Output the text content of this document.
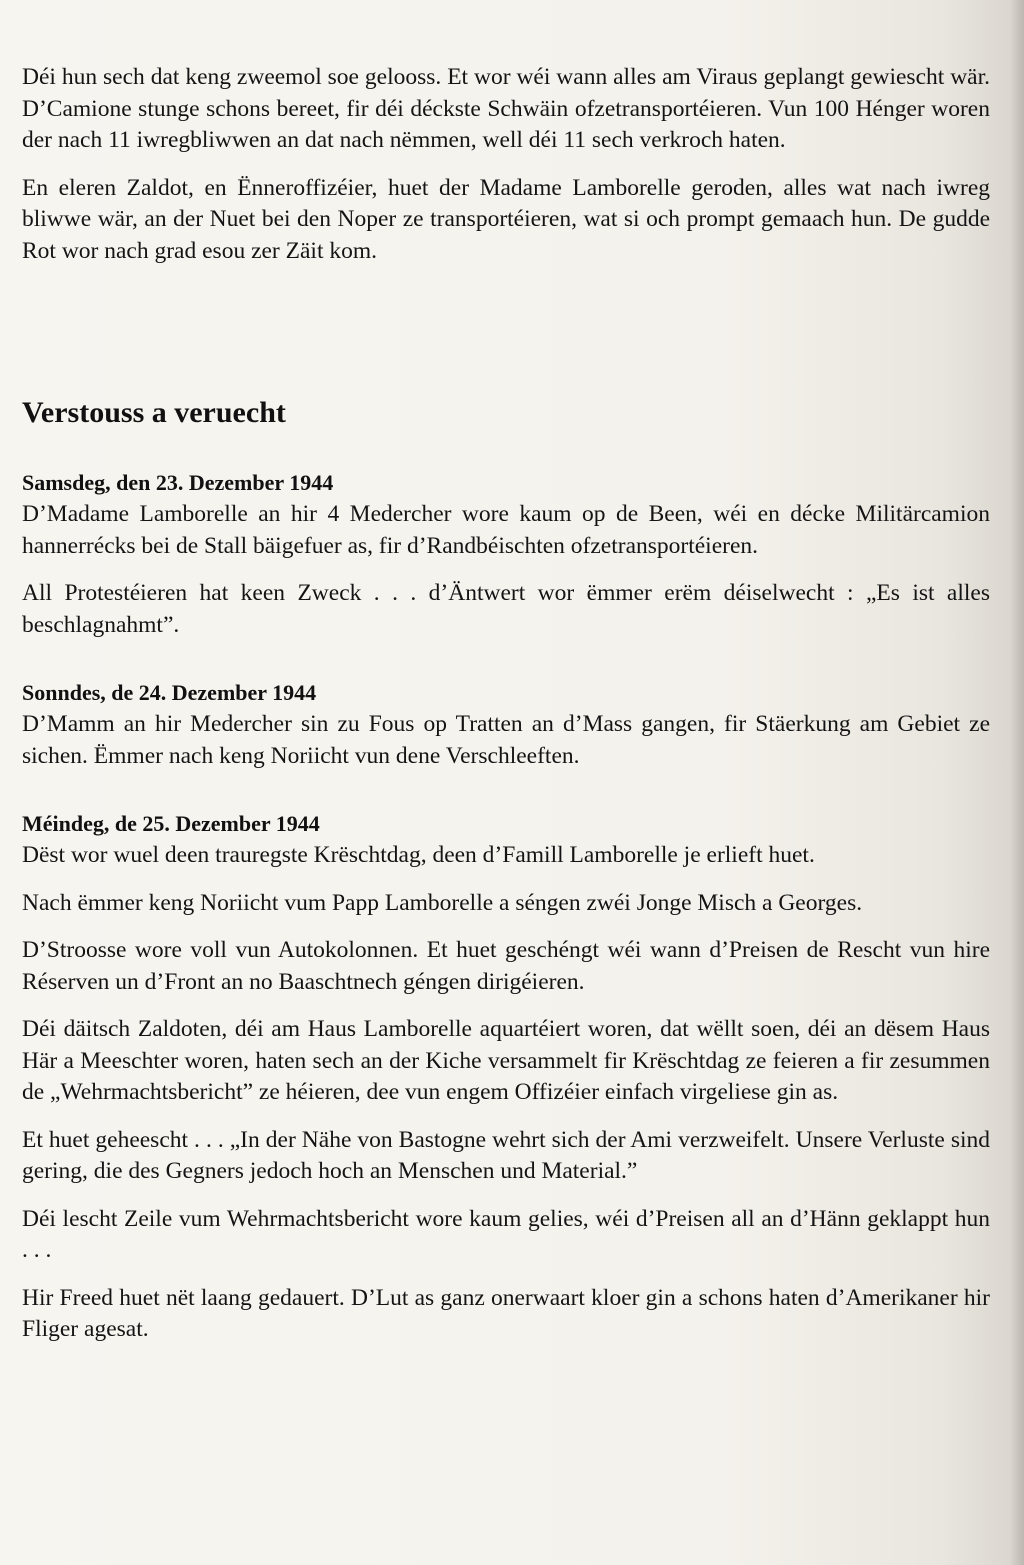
Déi hun sech dat keng zweemol soe gelooss. Et wor wéi wann alles am Viraus geplangt gewiescht wär. D’Camione stunge schons bereet, fir déi déckste Schwäin ofzetransportéieren. Vun 100 Hénger woren der nach 11 iwregbliwwen an dat nach nëmmen, well déi 11 sech verkroch haten.

En eleren Zaldot, en Ënneroffizéier, huet der Madame Lamborelle geroden, alles wat nach iwreg bliwwe wär, an der Nuet bei den Noper ze transportéieren, wat si och prompt gemaach hun. De gudde Rot wor nach grad esou zer Zäit kom.

Verstouss a veruecht
Samsdeg, den 23. Dezember 1944

D’Madame Lamborelle an hir 4 Medercher wore kaum op de Been, wéi en décke Militärcamion hannerrécks bei de Stall bäigefuer as, fir d’Randbéischten ofzetransportéieren.

All Protestéieren hat keen Zweck . . . d’Äntwert wor ëmmer erëm déiselwecht : „Es ist alles beschlagnahmt”.

Sonndes, de 24. Dezember 1944

D’Mamm an hir Medercher sin zu Fous op Tratten an d’Mass gangen, fir Stäerkung am Gebiet ze sichen. Ëmmer nach keng Noriicht vun dene Verschleeften.

Méindeg, de 25. Dezember 1944

Dëst wor wuel deen trauregste Krëschtdag, deen d’Famill Lamborelle je erlieft huet.

Nach ëmmer keng Noriicht vum Papp Lamborelle a séngen zwéi Jonge Misch a Georges.

D’Stroosse wore voll vun Autokolonnen. Et huet geschéngt wéi wann d’Preisen de Rescht vun hire Réserven un d’Front an no Baaschtnech géngen dirigéieren.

Déi däitsch Zaldoten, déi am Haus Lamborelle aquartéiert woren, dat wëllt soen, déi an dësem Haus Här a Meeschter woren, haten sech an der Kiche versammelt fir Krëschtdag ze feieren a fir zesummen de „Wehrmachtsbericht” ze héieren, dee vun engem Offizéier einfach virgeliese gin as.

Et huet geheescht . . . „In der Nähe von Bastogne wehrt sich der Ami verzweifelt. Unsere Verluste sind gering, die des Gegners jedoch hoch an Menschen und Material.”

Déi lescht Zeile vum Wehrmachtsbericht wore kaum gelies, wéi d’Preisen all an d’Hänn geklappt hun . . .

Hir Freed huet nët laang gedauert. D’Lut as ganz onerwaart kloer gin a schons haten d’Amerikaner hir Fliger agesat.
